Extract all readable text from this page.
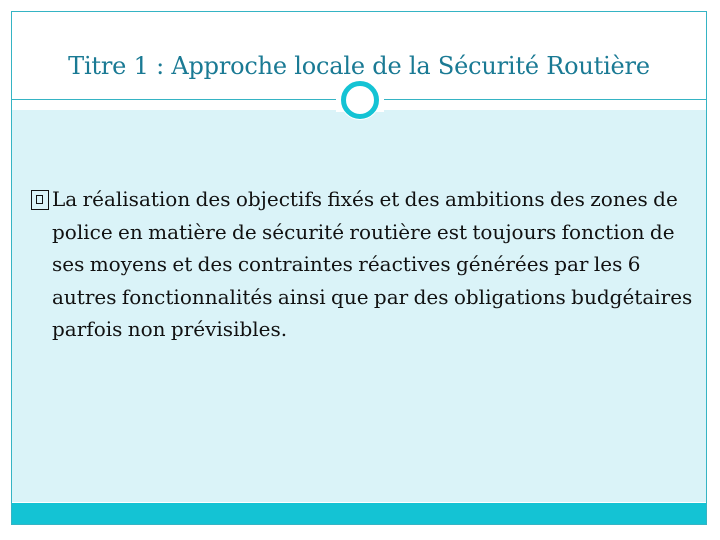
Titre 1 : Approche locale de la Sécurité Routière
La réalisation des objectifs fixés et des ambitions des zones de police en matière de sécurité routière est toujours fonction de ses moyens et des contraintes réactives générées par les 6 autres fonctionnalités ainsi que par des obligations budgétaires parfois non prévisibles.
